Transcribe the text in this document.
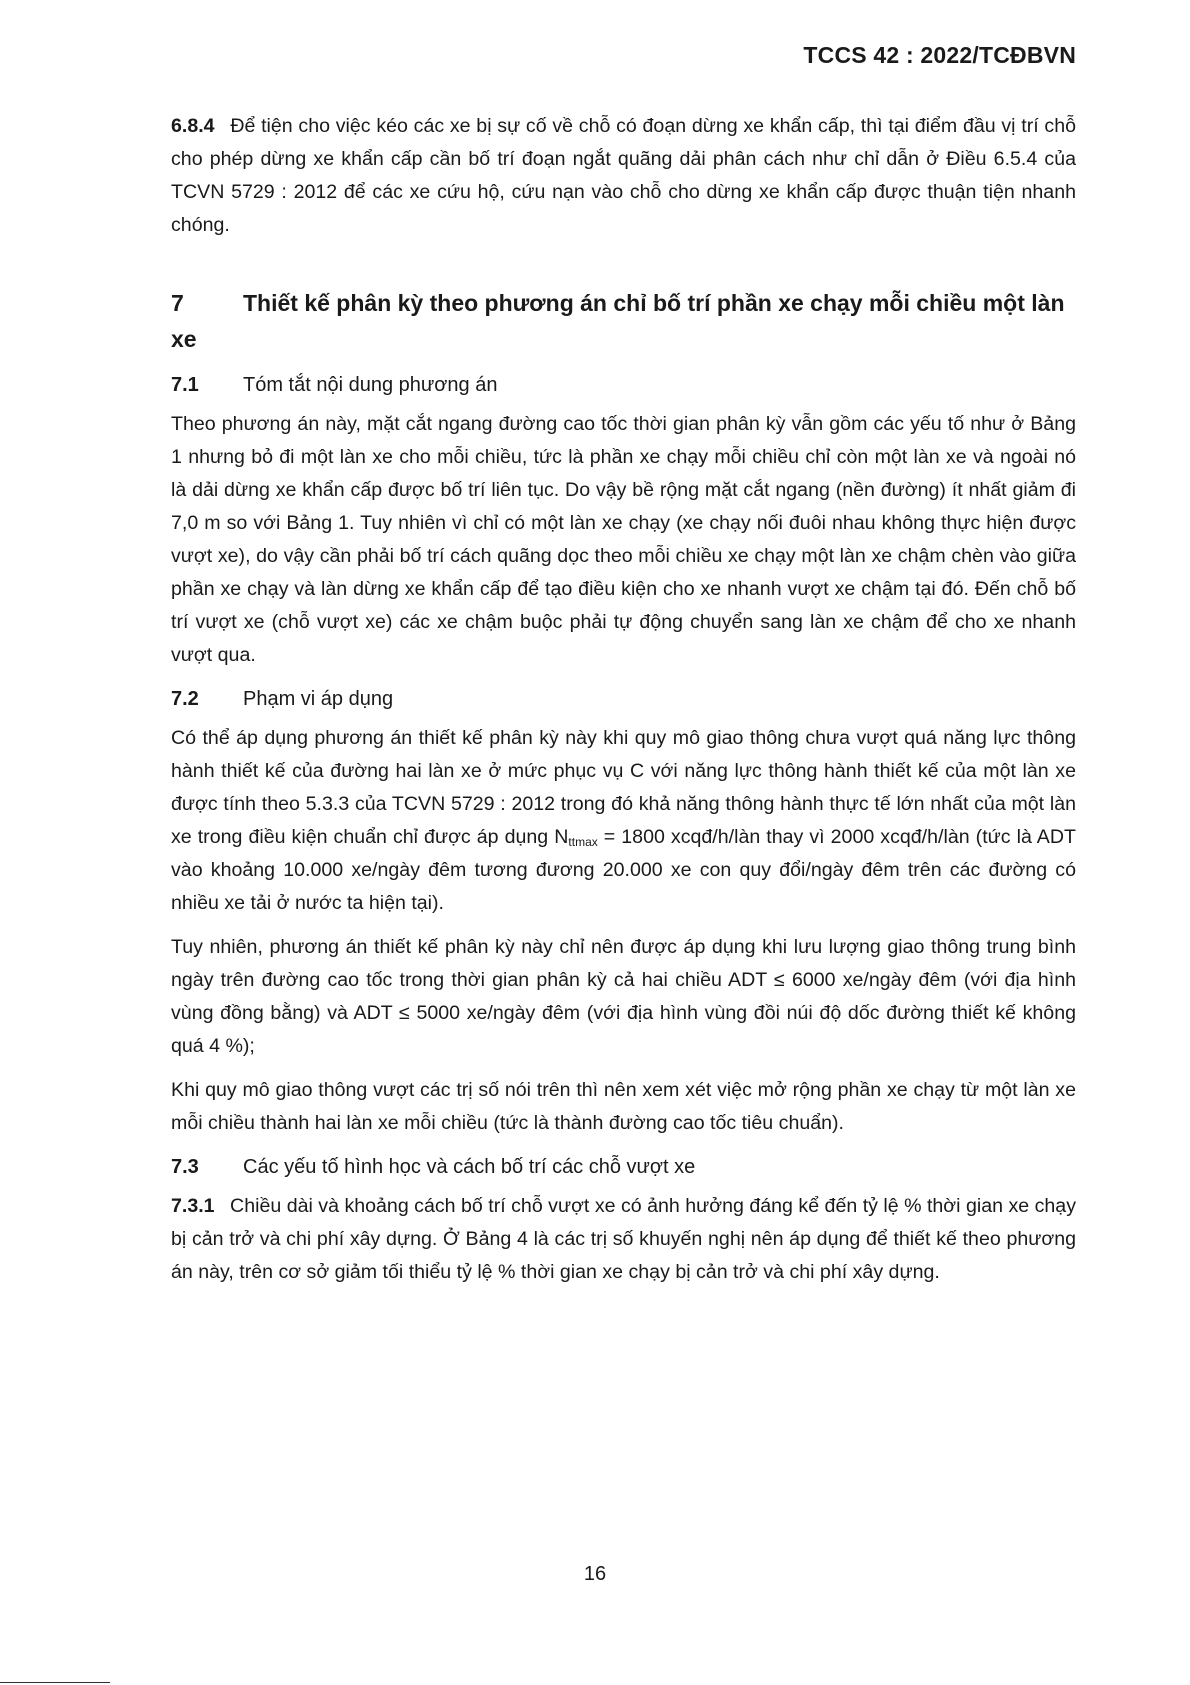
TCCS 42 : 2022/TCĐBVN

6.8.4 Để tiện cho việc kéo các xe bị sự cố về chỗ có đoạn dừng xe khẩn cấp, thì tại điểm đầu vị trí chỗ cho phép dừng xe khẩn cấp cần bố trí đoạn ngắt quãng dải phân cách như chỉ dẫn ở Điều 6.5.4 của TCVN 5729 : 2012 để các xe cứu hộ, cứu nạn vào chỗ cho dừng xe khẩn cấp được thuận tiện nhanh chóng.

7	Thiết kế phân kỳ theo phương án chỉ bố trí phần xe chạy mỗi chiều một làn xe
7.1 Tóm tắt nội dung phương án

Theo phương án này, mặt cắt ngang đường cao tốc thời gian phân kỳ vẫn gồm các yếu tố như ở Bảng 1 nhưng bỏ đi một làn xe cho mỗi chiều, tức là phần xe chạy mỗi chiều chỉ còn một làn xe và ngoài nó là dải dừng xe khẩn cấp được bố trí liên tục. Do vậy bề rộng mặt cắt ngang (nền đường) ít nhất giảm đi 7,0 m so với Bảng 1. Tuy nhiên vì chỉ có một làn xe chạy (xe chạy nối đuôi nhau không thực hiện được vượt xe), do vậy cần phải bố trí cách quãng dọc theo mỗi chiều xe chạy một làn xe chậm chèn vào giữa phần xe chạy và làn dừng xe khẩn cấp để tạo điều kiện cho xe nhanh vượt xe chậm tại đó. Đến chỗ bố trí vượt xe (chỗ vượt xe) các xe chậm buộc phải tự động chuyển sang làn xe chậm để cho xe nhanh vượt qua.

7.2 Phạm vi áp dụng

Có thể áp dụng phương án thiết kế phân kỳ này khi quy mô giao thông chưa vượt quá năng lực thông hành thiết kế của đường hai làn xe ở mức phục vụ C với năng lực thông hành thiết kế của một làn xe được tính theo 5.3.3 của TCVN 5729 : 2012 trong đó khả năng thông hành thực tế lớn nhất của một làn xe trong điều kiện chuẩn chỉ được áp dụng $N_{ttmax} = 1800$ xcqđ/h/làn thay vì 2000 xcqđ/h/làn (tức là ADT vào khoảng 10.000 xe/ngày đêm tương đương 20.000 xe con quy đổi/ngày đêm trên các đường có nhiều xe tải ở nước ta hiện tại).

Tuy nhiên, phương án thiết kế phân kỳ này chỉ nên được áp dụng khi lưu lượng giao thông trung bình ngày trên đường cao tốc trong thời gian phân kỳ cả hai chiều ADT ≤ 6000 xe/ngày đêm (với địa hình vùng đồng bằng) và ADT ≤ 5000 xe/ngày đêm (với địa hình vùng đồi núi độ dốc đường thiết kế không quá 4 %);

Khi quy mô giao thông vượt các trị số nói trên thì nên xem xét việc mở rộng phần xe chạy từ một làn xe mỗi chiều thành hai làn xe mỗi chiều (tức là thành đường cao tốc tiêu chuẩn).

7.3 Các yếu tố hình học và cách bố trí các chỗ vượt xe

7.3.1 Chiều dài và khoảng cách bố trí chỗ vượt xe có ảnh hưởng đáng kể đến tỷ lệ % thời gian xe chạy bị cản trở và chi phí xây dựng. Ở Bảng 4 là các trị số khuyến nghị nên áp dụng để thiết kế theo phương án này, trên cơ sở giảm tối thiểu tỷ lệ % thời gian xe chạy bị cản trở và chi phí xây dựng.

16
